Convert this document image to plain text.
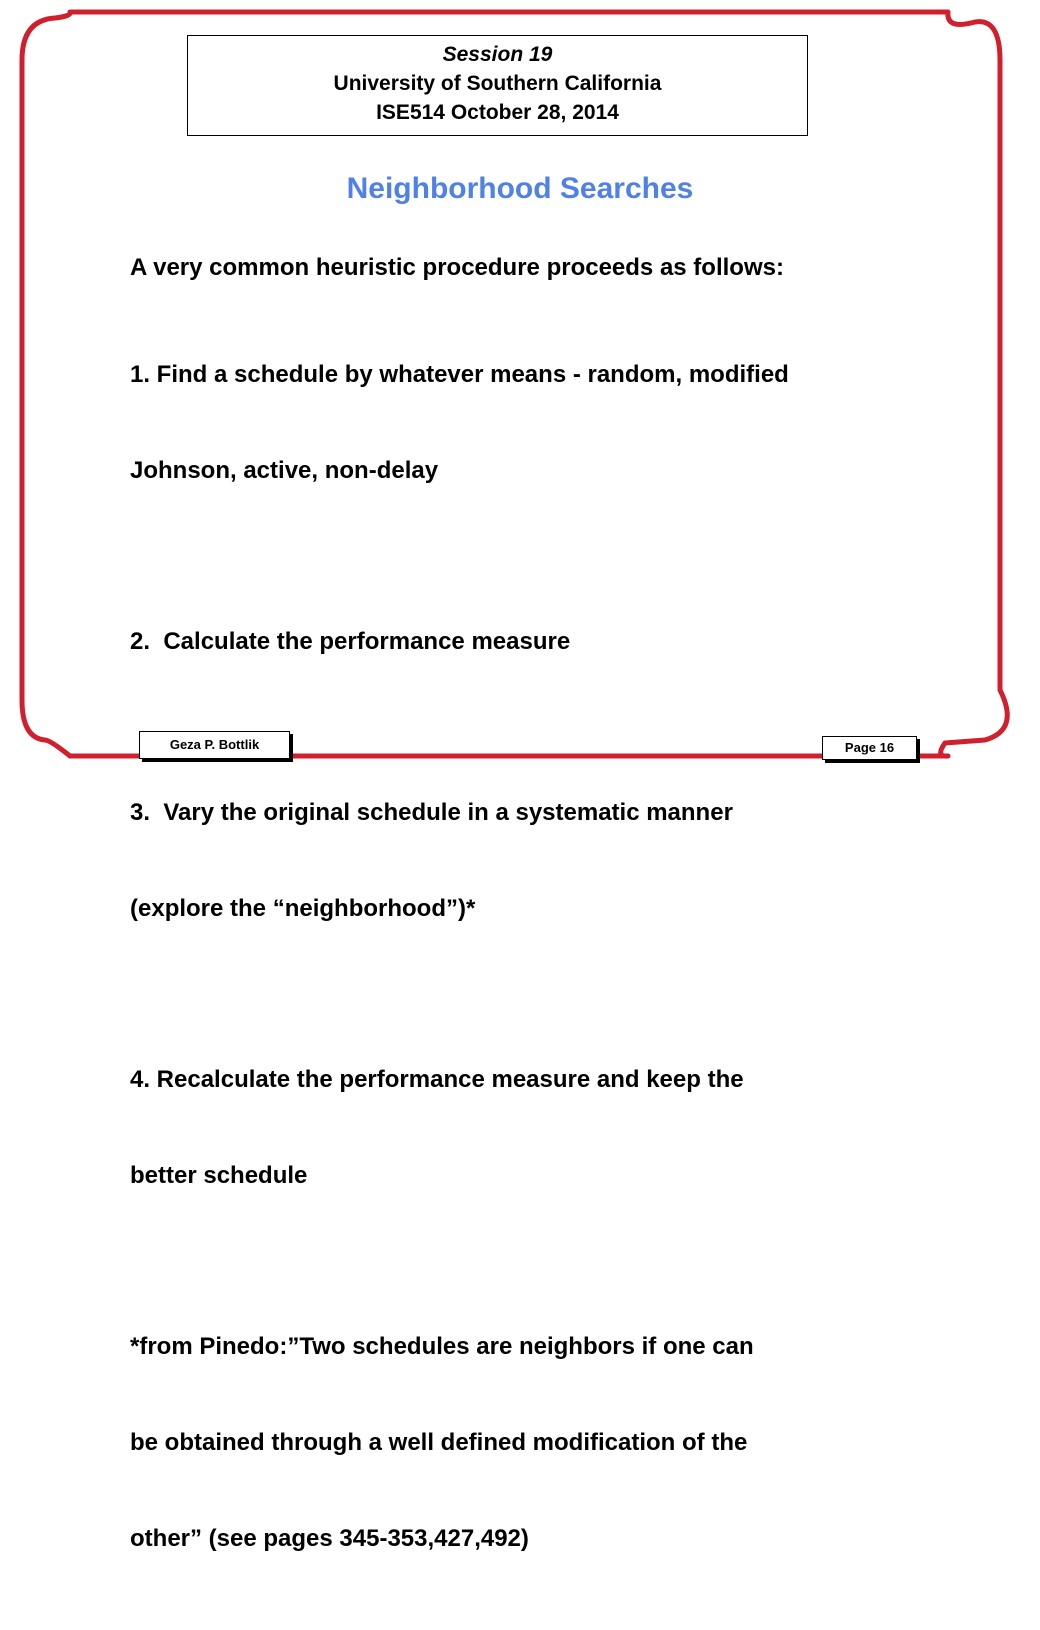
Session 19
University of Southern California
ISE514 October 28, 2014
Neighborhood Searches
A very common heuristic procedure proceeds as follows:

1. Find a schedule by whatever means - random, modified

Johnson, active, non-delay

2.  Calculate the performance measure

3.  Vary the original schedule in a systematic manner

(explore the “neighborhood”)*

4. Recalculate the performance measure and keep the

better schedule

*from Pinedo:”Two schedules are neighbors if one can

be obtained through a well defined modification of the

other” (see pages 345-353,427,492)

Geza P. Bottlik	Page 16
